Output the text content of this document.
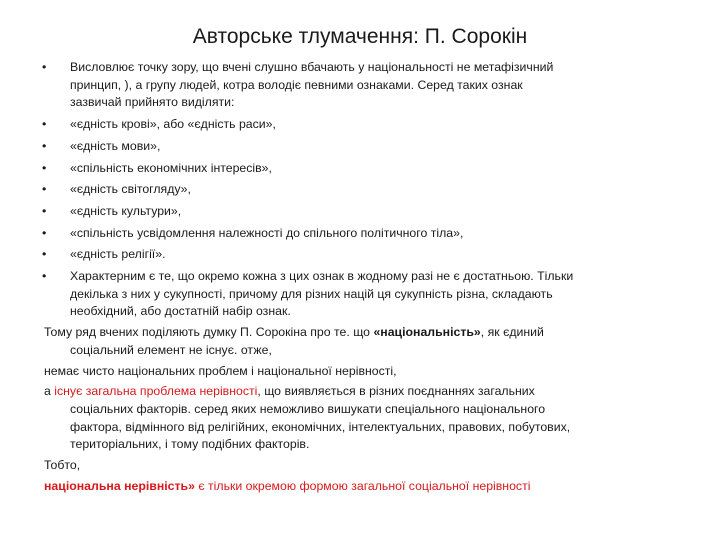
Авторське тлумачення: П. Сорокін
• Висловлює точку зору, що вчені слушно вбачають у національності не метафізичний
принцип, ), а групу людей, котра володіє певними ознаками. Серед таких ознак
зазвичай прийнято виділяти:
• «єдність крові», або «єдність раси»,
• «єдність мови»,
• «спільність економічних інтересів»,
• «єдність світогляду»,
• «єдність культури»,
• «спільність усвідомлення належності до спільного політичного тіла»,
• «єдність релігії».
• Характерним є те, що окремо кожна з цих ознак в жодному разі не є достатньою. Тільки
декілька з них у сукупності, причому для різних націй ця сукупність різна, складають
необхідний, або достатній набір ознак.
Тому ряд вчених поділяють думку П. Сорокіна про те. що «національність», як єдиний
соціальний елемент не існує. отже,
немає чисто національних проблем і національної нерівності,
а існує загальна проблема нерівності, що виявляється в різних поєднаннях загальних
соціальних факторів. серед яких неможливо вишукати спеціального національного
фактора, відмінного від релігійних, економічних, інтелектуальних, правових, побутових,
територіальних, і тому подібних факторів.
Тобто,
національна нерівність» є тільки окремою формою загальної соціальної нерівності
